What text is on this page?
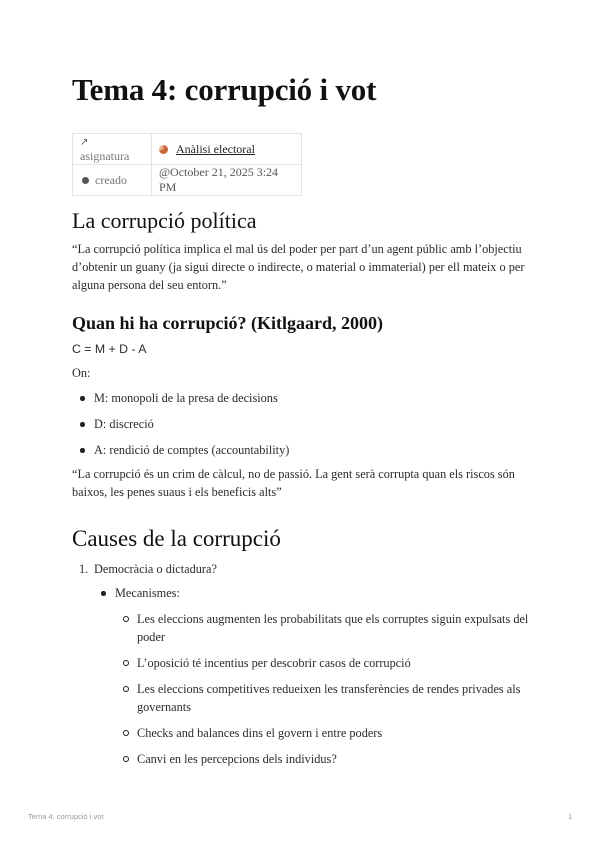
Tema 4: corrupció i vot
↗asignatura	Anàlisi electoral
creado	@October 21, 2025 3:24 PM
La corrupció política

“La corrupció política implica el mal ús del poder per part d’un agent públic amb l’objectiu d’obtenir un guany (ja sigui directe o indirecte, o material o immaterial) per ell mateix o per alguna persona del seu entorn.”

Quan hi ha corrupció? (Kitlgaard, 2000)

C = M + D - A

On:

M: monopoli de la presa de decisions
D: discreció
A: rendició de comptes (accountability)

“La corrupció és un crim de càlcul, no de passió. La gent serà corrupta quan els riscos són baixos, les penes suaus i els beneficis alts”

Causes de la corrupció
1. Democràcia o dictadura?
Mecanismes:
Les eleccions augmenten les probabilitats que els corruptes siguin expulsats del poder
L’oposició té incentius per descobrir casos de corrupció
Les eleccions competitives redueixen les transferències de rendes privades als governants
Checks and balances dins el govern i entre poders
Canvi en les percepcions dels individus?
Tema 4: corrupció i vot	1
